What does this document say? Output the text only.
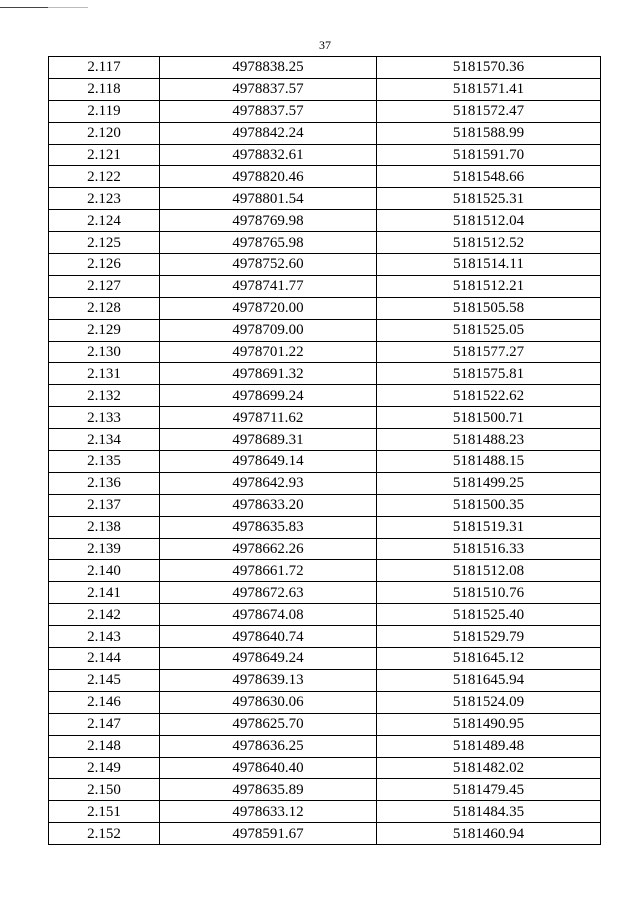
37
2.117	4978838.25	5181570.36
2.118	4978837.57	5181571.41
2.119	4978837.57	5181572.47
2.120	4978842.24	5181588.99
2.121	4978832.61	5181591.70
2.122	4978820.46	5181548.66
2.123	4978801.54	5181525.31
2.124	4978769.98	5181512.04
2.125	4978765.98	5181512.52
2.126	4978752.60	5181514.11
2.127	4978741.77	5181512.21
2.128	4978720.00	5181505.58
2.129	4978709.00	5181525.05
2.130	4978701.22	5181577.27
2.131	4978691.32	5181575.81
2.132	4978699.24	5181522.62
2.133	4978711.62	5181500.71
2.134	4978689.31	5181488.23
2.135	4978649.14	5181488.15
2.136	4978642.93	5181499.25
2.137	4978633.20	5181500.35
2.138	4978635.83	5181519.31
2.139	4978662.26	5181516.33
2.140	4978661.72	5181512.08
2.141	4978672.63	5181510.76
2.142	4978674.08	5181525.40
2.143	4978640.74	5181529.79
2.144	4978649.24	5181645.12
2.145	4978639.13	5181645.94
2.146	4978630.06	5181524.09
2.147	4978625.70	5181490.95
2.148	4978636.25	5181489.48
2.149	4978640.40	5181482.02
2.150	4978635.89	5181479.45
2.151	4978633.12	5181484.35
2.152	4978591.67	5181460.94
